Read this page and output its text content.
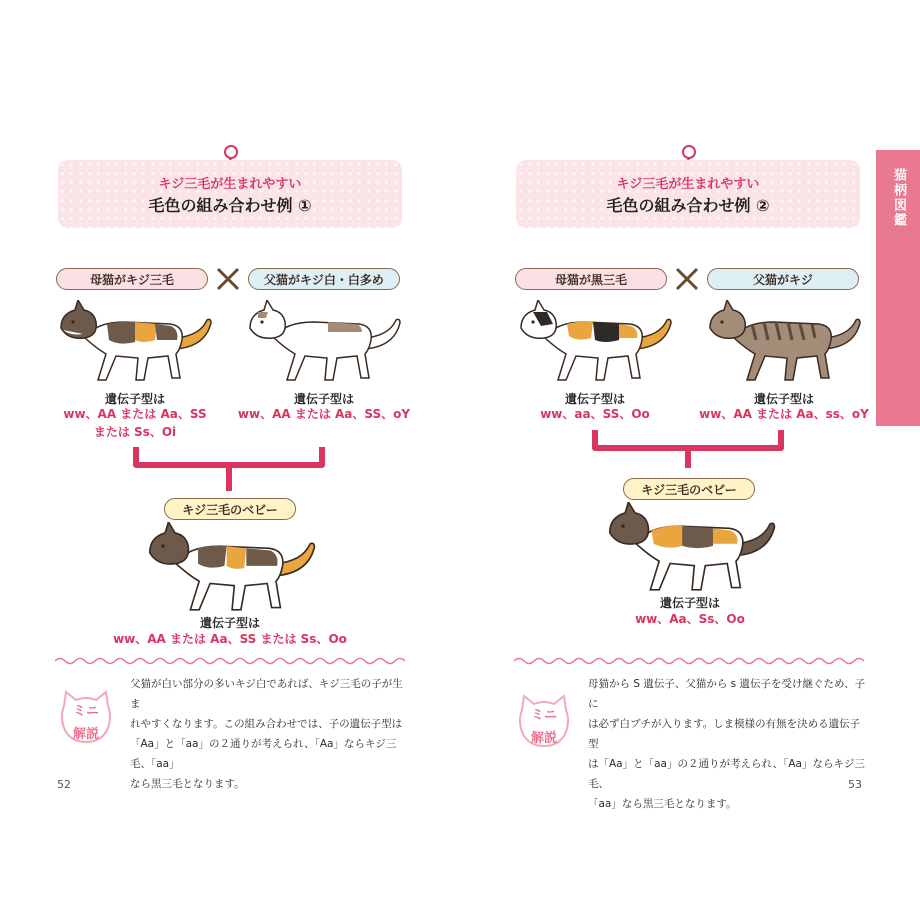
猫柄図鑑
キジ三毛が生まれやすい
毛色の組み合わせ例 ①
母猫がキジ三毛	父猫がキジ白・白多め
遺伝子型は
ww、AA または Aa、SS
または Ss、Oi
遺伝子型は
ww、AA または Aa、SS、oY
キジ三毛のベビー
遺伝子型は
ww、AA または Aa、SS または Ss、Oo
ミニ
解説
父猫が白い部分の多いキジ白であれば、キジ三毛の子が生ま
れやすくなります。この組み合わせでは、子の遺伝子型は
「Aa」と「aa」の２通りが考えられ、「Aa」ならキジ三毛、「aa」
なら黒三毛となります。
52
キジ三毛が生まれやすい
毛色の組み合わせ例 ②
母猫が黒三毛	父猫がキジ
遺伝子型は
ww、aa、SS、Oo
遺伝子型は
ww、AA または Aa、ss、oY
キジ三毛のベビー
遺伝子型は
ww、Aa、Ss、Oo
ミニ
解説
母猫から S 遺伝子、父猫から s 遺伝子を受け継ぐため、子に
は必ず白ブチが入ります。しま模様の有無を決める遺伝子型
は「Aa」と「aa」の２通りが考えられ、「Aa」ならキジ三毛、
「aa」なら黒三毛となります。
53
